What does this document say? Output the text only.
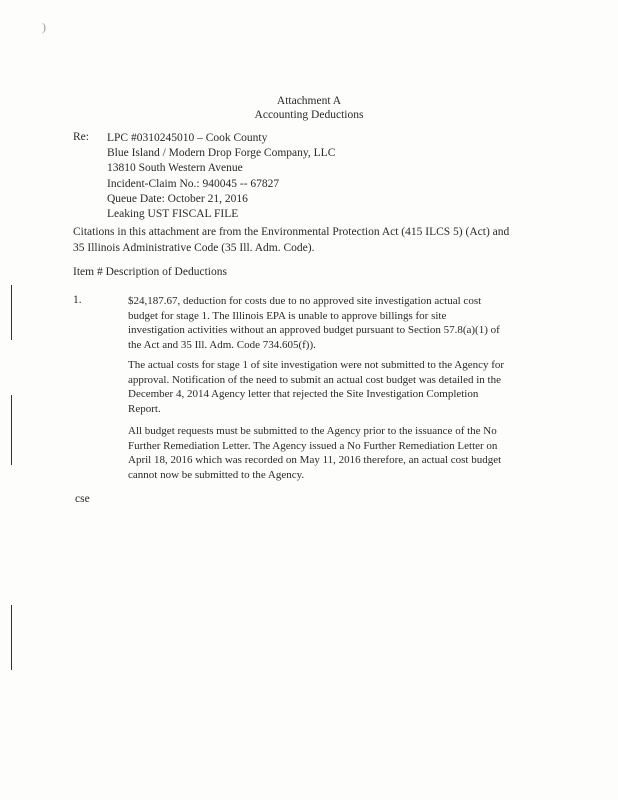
)
Attachment A
Accounting Deductions
Re: LPC #0310245010 – Cook County
Blue Island / Modern Drop Forge Company, LLC
13810 South Western Avenue
Incident-Claim No.: 940045 -- 67827
Queue Date: October 21, 2016
Leaking UST FISCAL FILE
Citations in this attachment are from the Environmental Protection Act (415 ILCS 5) (Act) and
35 Illinois Administrative Code (35 Ill. Adm. Code).
Item # Description of Deductions
1.	$24,187.67, deduction for costs due to no approved site investigation actual cost
budget for stage 1. The Illinois EPA is unable to approve billings for site
investigation activities without an approved budget pursuant to Section 57.8(a)(1) of
the Act and 35 Ill. Adm. Code 734.605(f)).
The actual costs for stage 1 of site investigation were not submitted to the Agency for
approval. Notification of the need to submit an actual cost budget was detailed in the
December 4, 2014 Agency letter that rejected the Site Investigation Completion
Report.
All budget requests must be submitted to the Agency prior to the issuance of the No
Further Remediation Letter. The Agency issued a No Further Remediation Letter on
April 18, 2016 which was recorded on May 11, 2016 therefore, an actual cost budget
cannot now be submitted to the Agency.
cse
